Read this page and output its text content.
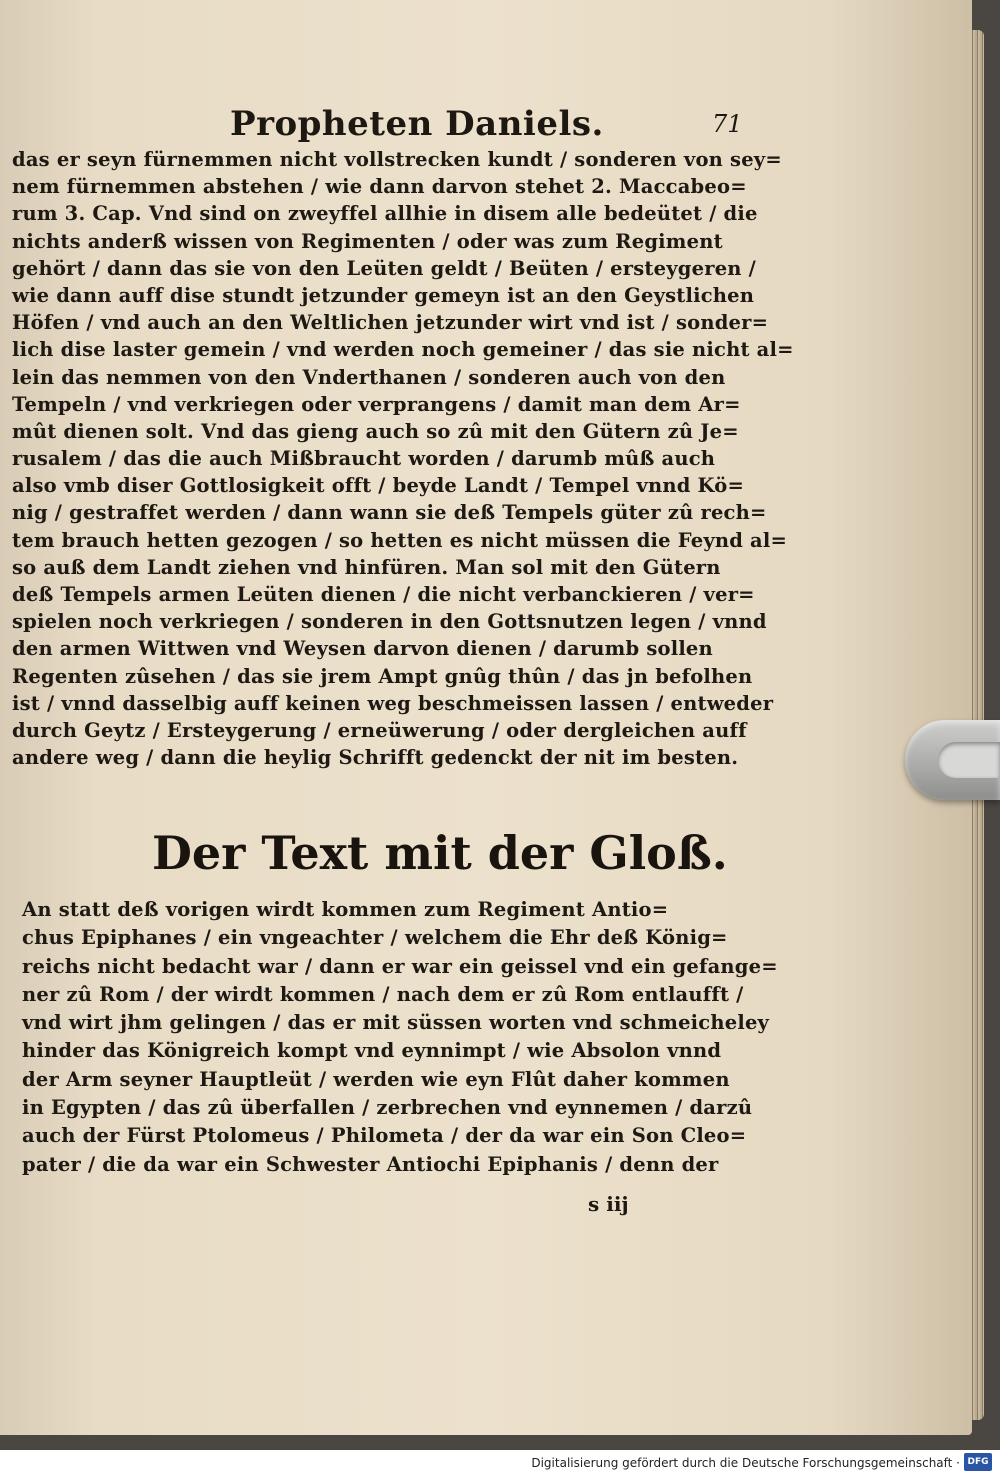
Propheten Daniels.	71
das er seyn fürnemmen nicht vollstrecken kundt / sonderen von sey=
nem fürnemmen abstehen / wie dann darvon stehet 2. Maccabeo=
rum 3. Cap. Vnd sind on zweyffel allhie in disem alle bedeütet / die
nichts anderß wissen von Regimenten / oder was zum Regiment
gehört / dann das sie von den Leüten geldt / Beüten / ersteygeren /
wie dann auff dise stundt jetzunder gemeyn ist an den Geystlichen
Höfen / vnd auch an den Weltlichen jetzunder wirt vnd ist / sonder=
lich dise laster gemein / vnd werden noch gemeiner / das sie nicht al=
lein das nemmen von den Vnderthanen / sonderen auch von den
Tempeln / vnd verkriegen oder verprangens / damit man dem Ar=
mût dienen solt. Vnd das gieng auch so zû mit den Gütern zû Je=
rusalem / das die auch Mißbraucht worden / darumb mûß auch
also vmb diser Gottlosigkeit offt / beyde Landt / Tempel vnnd Kö=
nig / gestraffet werden / dann wann sie deß Tempels güter zû rech=
tem brauch hetten gezogen / so hetten es nicht müssen die Feynd al=
so auß dem Landt ziehen vnd hinfüren. Man sol mit den Gütern
deß Tempels armen Leüten dienen / die nicht verbanckieren / ver=
spielen noch verkriegen / sonderen in den Gottsnutzen legen / vnnd
den armen Wittwen vnd Weysen darvon dienen / darumb sollen
Regenten zûsehen / das sie jrem Ampt gnûg thûn / das jn befolhen
ist / vnnd dasselbig auff keinen weg beschmeissen lassen / entweder
durch Geytz / Ersteygerung / erneüwerung / oder dergleichen auff
andere weg / dann die heylig Schrifft gedenckt der nit im besten.
Der Text mit der Gloß.
An statt deß vorigen wirdt kommen zum Regiment Antio=
chus Epiphanes / ein vngeachter / welchem die Ehr deß König=
reichs nicht bedacht war / dann er war ein geissel vnd ein gefange=
ner zû Rom / der wirdt kommen / nach dem er zû Rom entlaufft /
vnd wirt jhm gelingen / das er mit süssen worten vnd schmeicheley
hinder das Königreich kompt vnd eynnimpt / wie Absolon vnnd
der Arm seyner Hauptleüt / werden wie eyn Flût daher kommen
in Egypten / das zû überfallen / zerbrechen vnd eynnemen / darzû
auch der Fürst Ptolomeus / Philometa / der da war ein Son Cleo=
pater / die da war ein Schwester Antiochi Epiphanis / denn der
s iij
Digitalisierung gefördert durch die Deutsche Forschungsgemeinschaft · DFG
